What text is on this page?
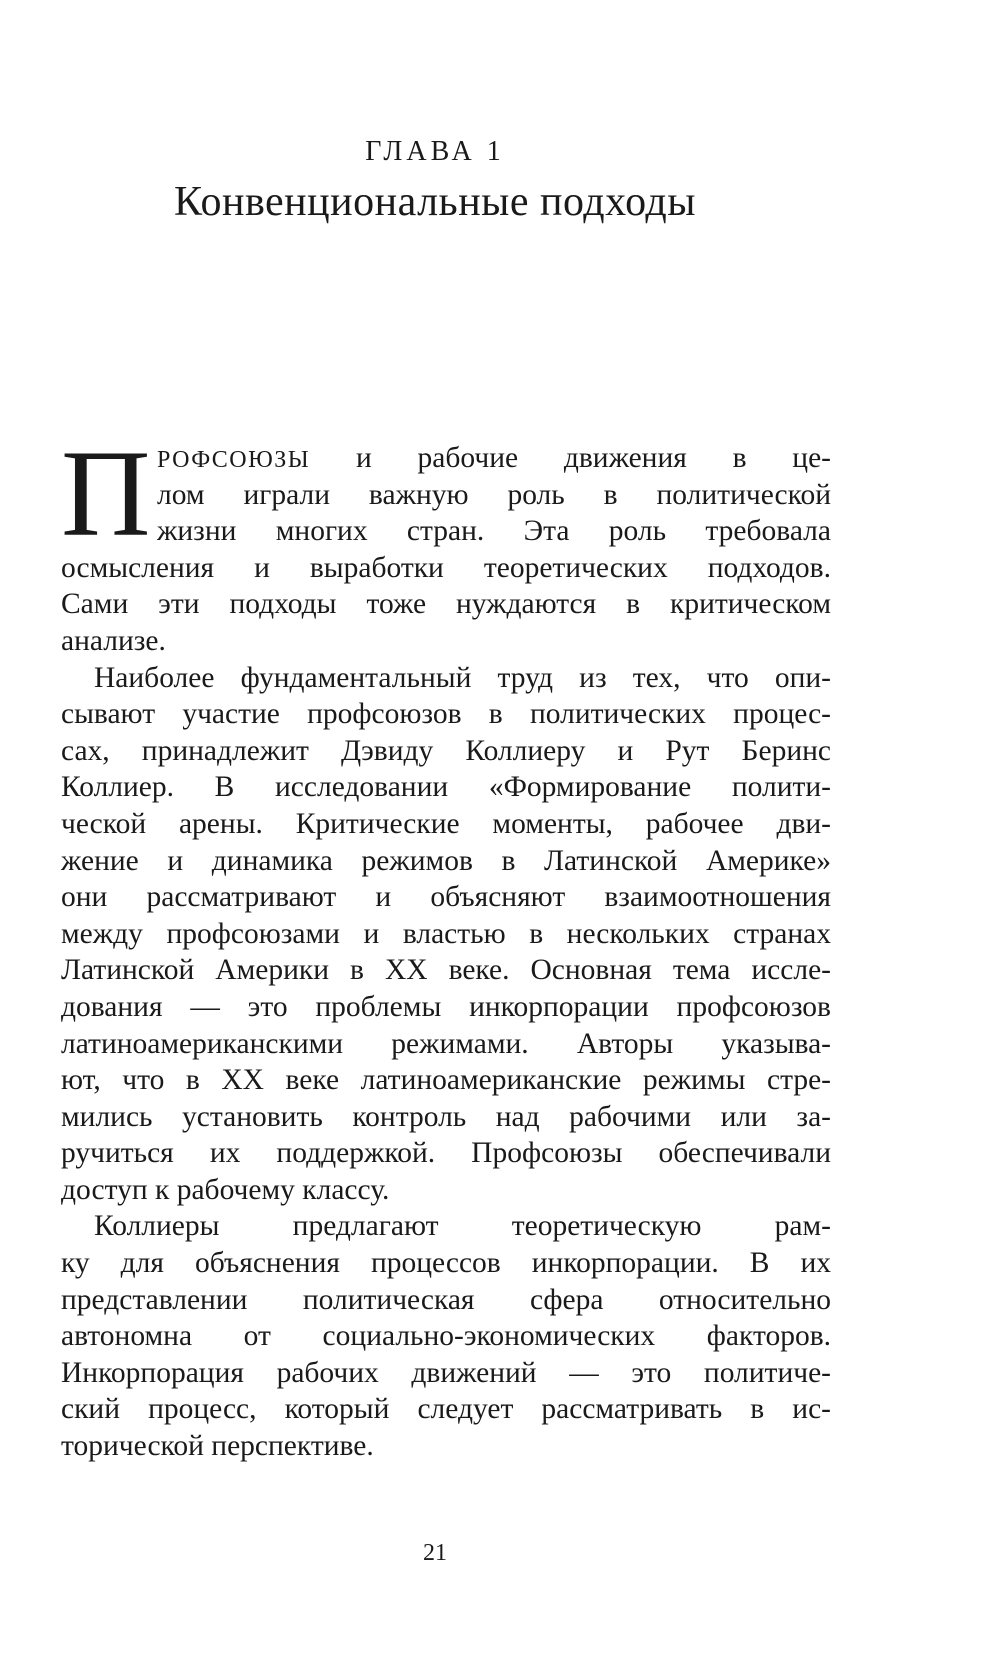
ГЛАВА 1
Конвенциональные подходы
П РОФСОЮЗЫ и рабочие движения в це-
лом играли важную роль в политической
жизни многих стран. Эта роль требовала
осмысления и выработки теоретических подходов.
Сами эти подходы тоже нуждаются в критическом
анализе.
Наиболее фундаментальный труд из тех, что опи-
сывают участие профсоюзов в политических процес-
сах, принадлежит Дэвиду Коллиеру и Рут Беринс
Коллиер. В исследовании «Формирование полити-
ческой арены. Критические моменты, рабочее дви-
жение и динамика режимов в Латинской Америке»
они рассматривают и объясняют взаимоотношения
между профсоюзами и властью в нескольких странах
Латинской Америки в XX веке. Основная тема иссле-
дования — это проблемы инкорпорации профсоюзов
латиноамериканскими режимами. Авторы указыва-
ют, что в XX веке латиноамериканские режимы стре-
мились установить контроль над рабочими или за-
ручиться их поддержкой. Профсоюзы обеспечивали
доступ к рабочему классу.
Коллиеры предлагают теоретическую рам-
ку для объяснения процессов инкорпорации. В их
представлении политическая сфера относительно
автономна от социально-экономических факторов.
Инкорпорация рабочих движений — это политиче-
ский процесс, который следует рассматривать в ис-
торической перспективе.
21
